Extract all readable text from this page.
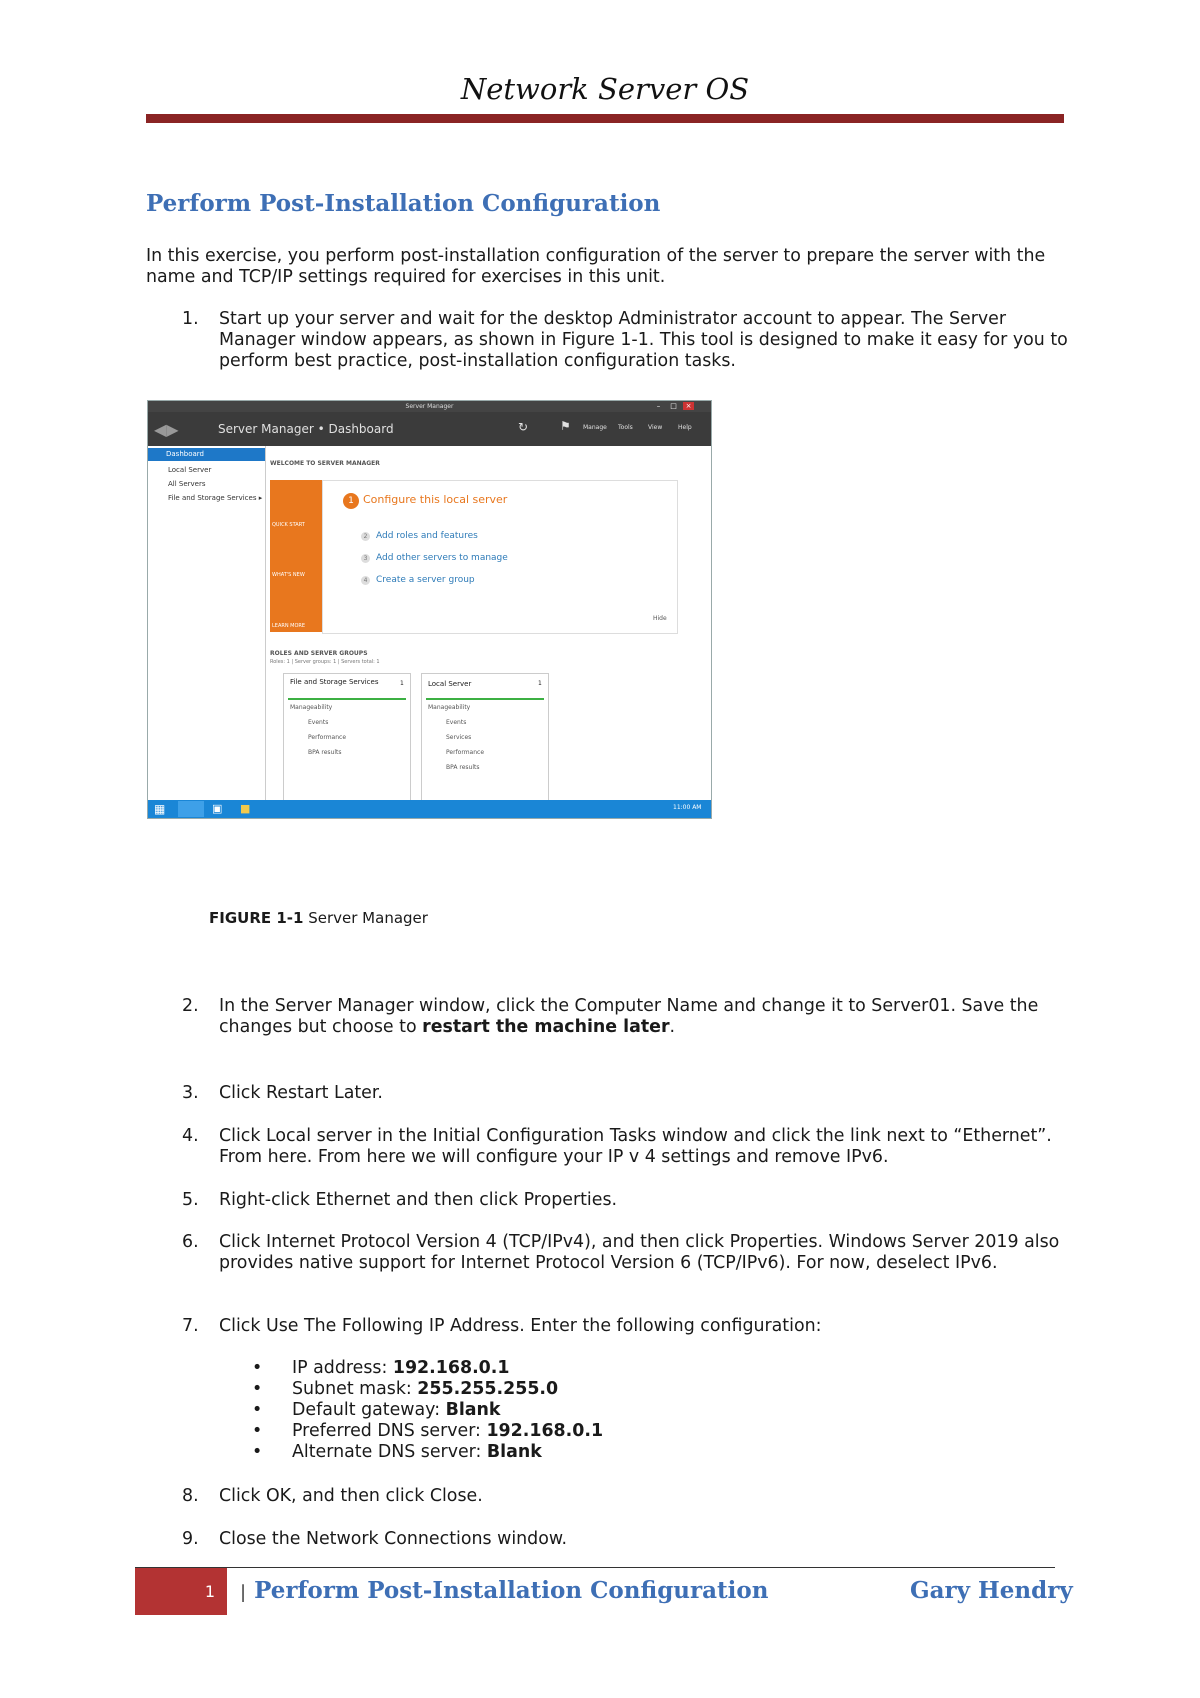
Network Server OS
Perform Post-Installation Configuration
In this exercise, you perform post-installation configuration of the server to prepare the server with the name and TCP/IP settings required for exercises in this unit.
1. Start up your server and wait for the desktop Administrator account to appear. The Server Manager window appears, as shown in Figure 1-1. This tool is designed to make it easy for you to perform best practice, post-installation configuration tasks.
Server Manager	–	□	×
◀▶	Server Manager • Dashboard	↻	⚑ Manage Tools	View	Help
Dashboard
Local Server
All Servers
File and Storage Services ▸
WELCOME TO SERVER MANAGER
QUICK START
WHAT'S NEW
LEARN MORE
1 Configure this local server
2 Add roles and features
3 Add other servers to manage
4 Create a server group
Hide
ROLES AND SERVER GROUPS
Roles: 1 | Server groups: 1 | Servers total: 1
File and Storage Services	1
Manageability
Events
Performance
BPA results
Local Server	1
Manageability
Events
Services
Performance
BPA results
▦	▣ ■	11:00 AM
FIGURE 1-1 Server Manager
2. In the Server Manager window, click the Computer Name and change it to Server01. Save the changes but choose to restart the machine later.
3. Click Restart Later.
4. Click Local server in the Initial Configuration Tasks window and click the link next to “Ethernet”. From here. From here we will configure your IP v 4 settings and remove IPv6.
5. Right-click Ethernet and then click Properties.
6. Click Internet Protocol Version 4 (TCP/IPv4), and then click Properties. Windows Server 2019 also provides native support for Internet Protocol Version 6 (TCP/IPv6). For now, deselect IPv6.
7. Click Use The Following IP Address. Enter the following configuration:
• IP address: 192.168.0.1
• Subnet mask: 255.255.255.0
• Default gateway: Blank
• Preferred DNS server: 192.168.0.1
• Alternate DNS server: Blank
8. Click OK, and then click Close.
9. Close the Network Connections window.
1	| Perform Post-Installation Configuration	Gary Hendry
